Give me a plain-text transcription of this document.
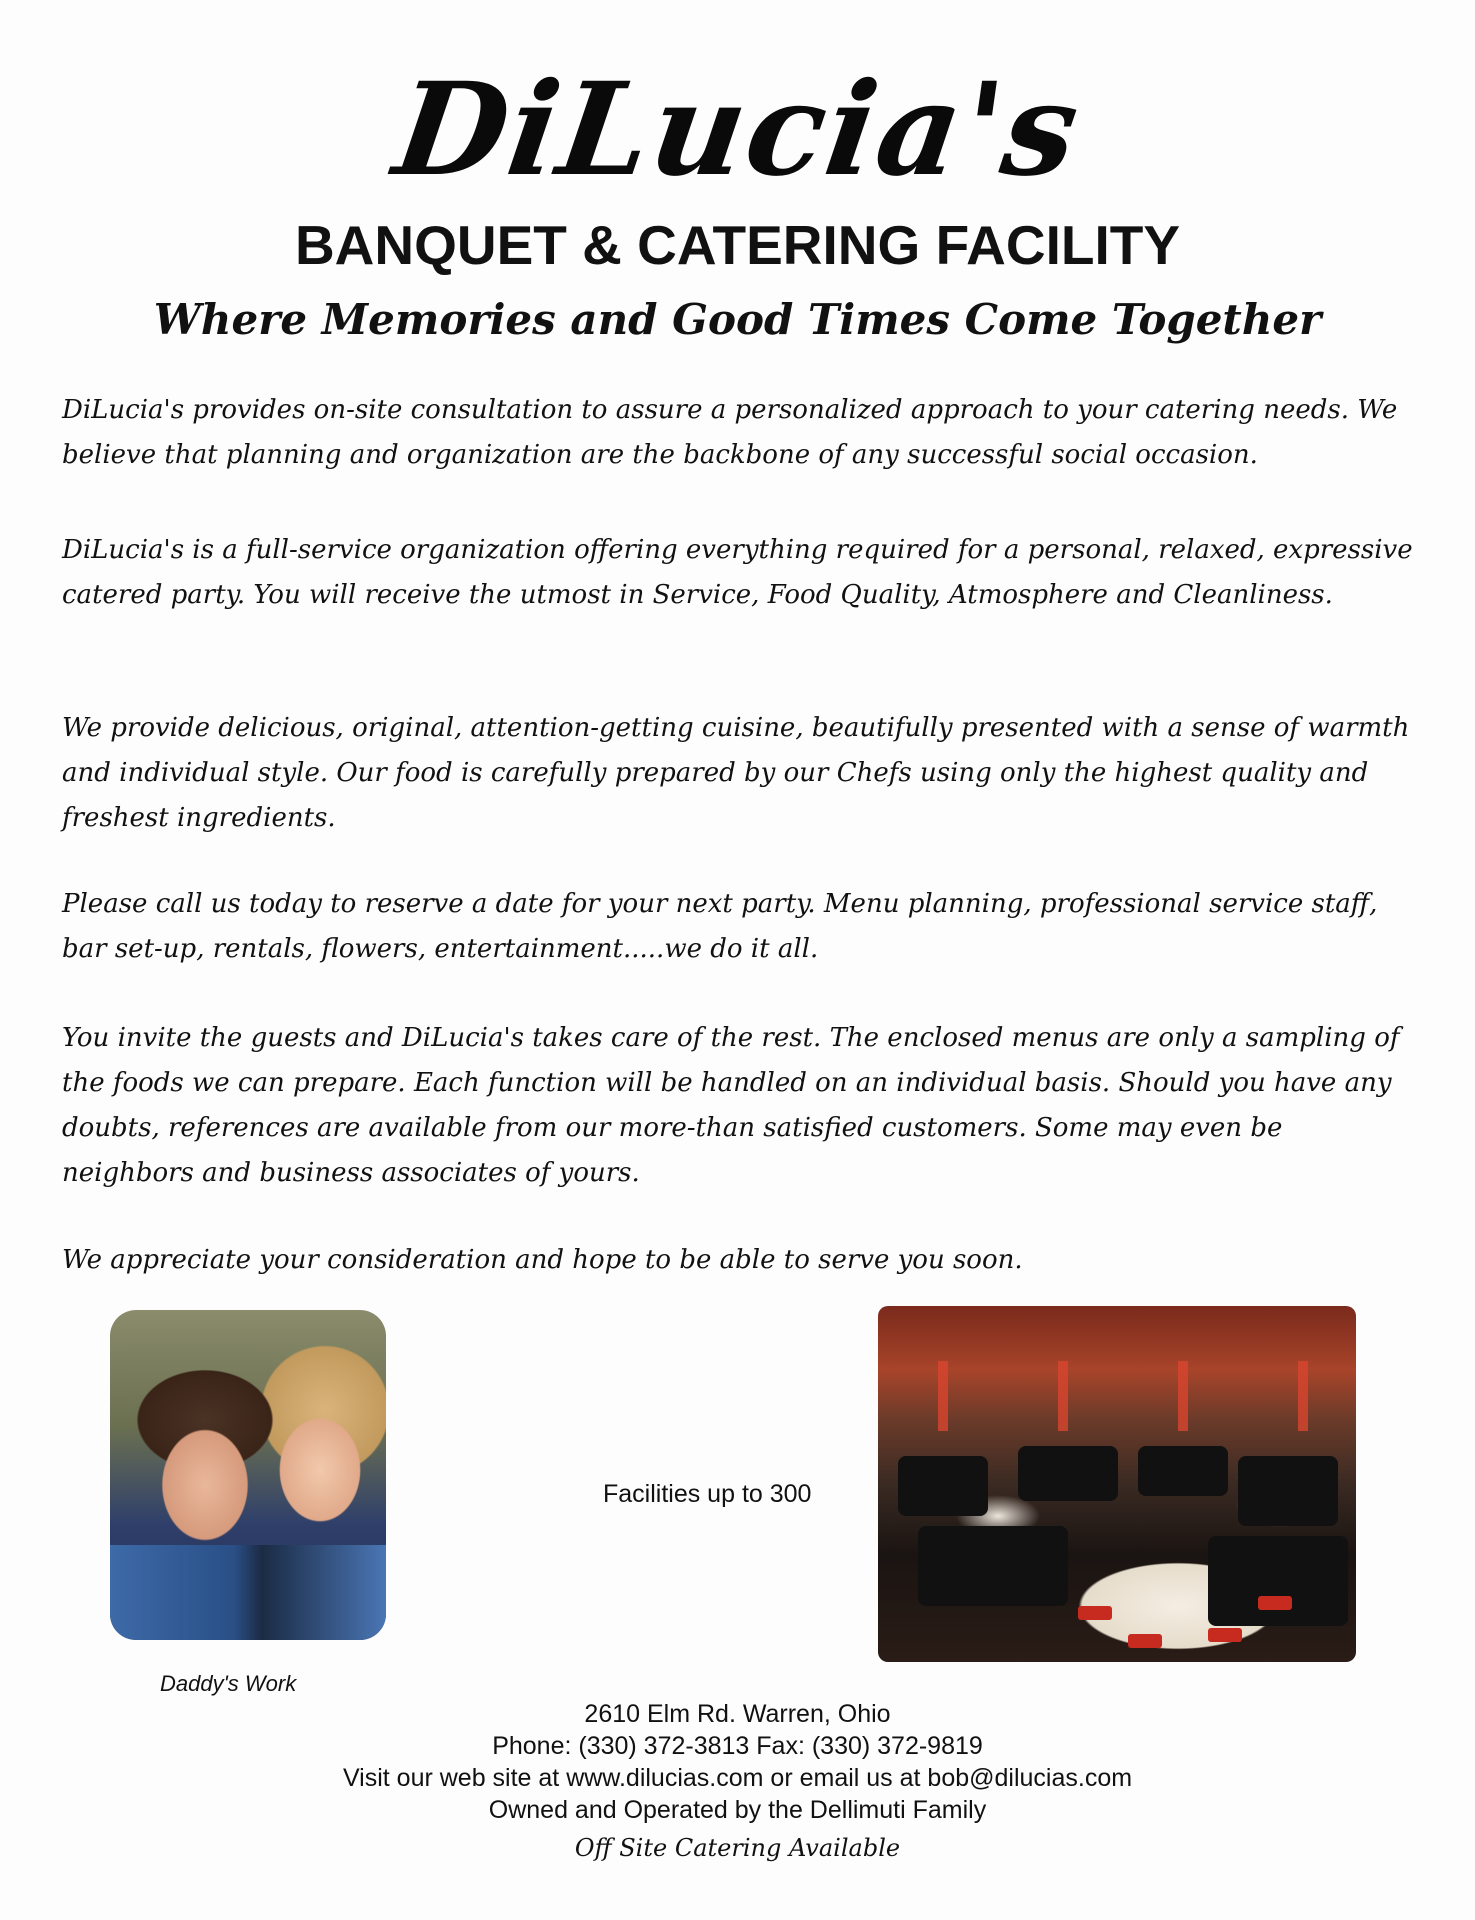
DiLucia's
BANQUET & CATERING FACILITY
Where Memories and Good Times Come Together

DiLucia's provides on-site consultation to assure a personalized approach to your catering needs. We believe that planning and organization are the backbone of any successful social occasion.

DiLucia's is a full-service organization offering everything required for a personal, relaxed, expressive catered party. You will receive the utmost in Service, Food Quality, Atmosphere and Cleanliness.

We provide delicious, original, attention-getting cuisine, beautifully presented with a sense of warmth and individual style. Our food is carefully prepared by our Chefs using only the highest quality and freshest ingredients.

Please call us today to reserve a date for your next party. Menu planning, professional service staff, bar set-up, rentals, flowers, entertainment.....we do it all.

You invite the guests and DiLucia's takes care of the rest. The enclosed menus are only a sampling of the foods we can prepare. Each function will be handled on an individual basis. Should you have any doubts, references are available from our more-than satisfied customers. Some may even be neighbors and business associates of yours.

We appreciate your consideration and hope to be able to serve you soon.

Daddy's Work
Facilities up to 300

2610 Elm Rd. Warren, Ohio

Phone: (330) 372-3813 Fax: (330) 372-9819

Visit our web site at www.dilucias.com or email us at bob@dilucias.com

Owned and Operated by the Dellimuti Family

Off Site Catering Available
